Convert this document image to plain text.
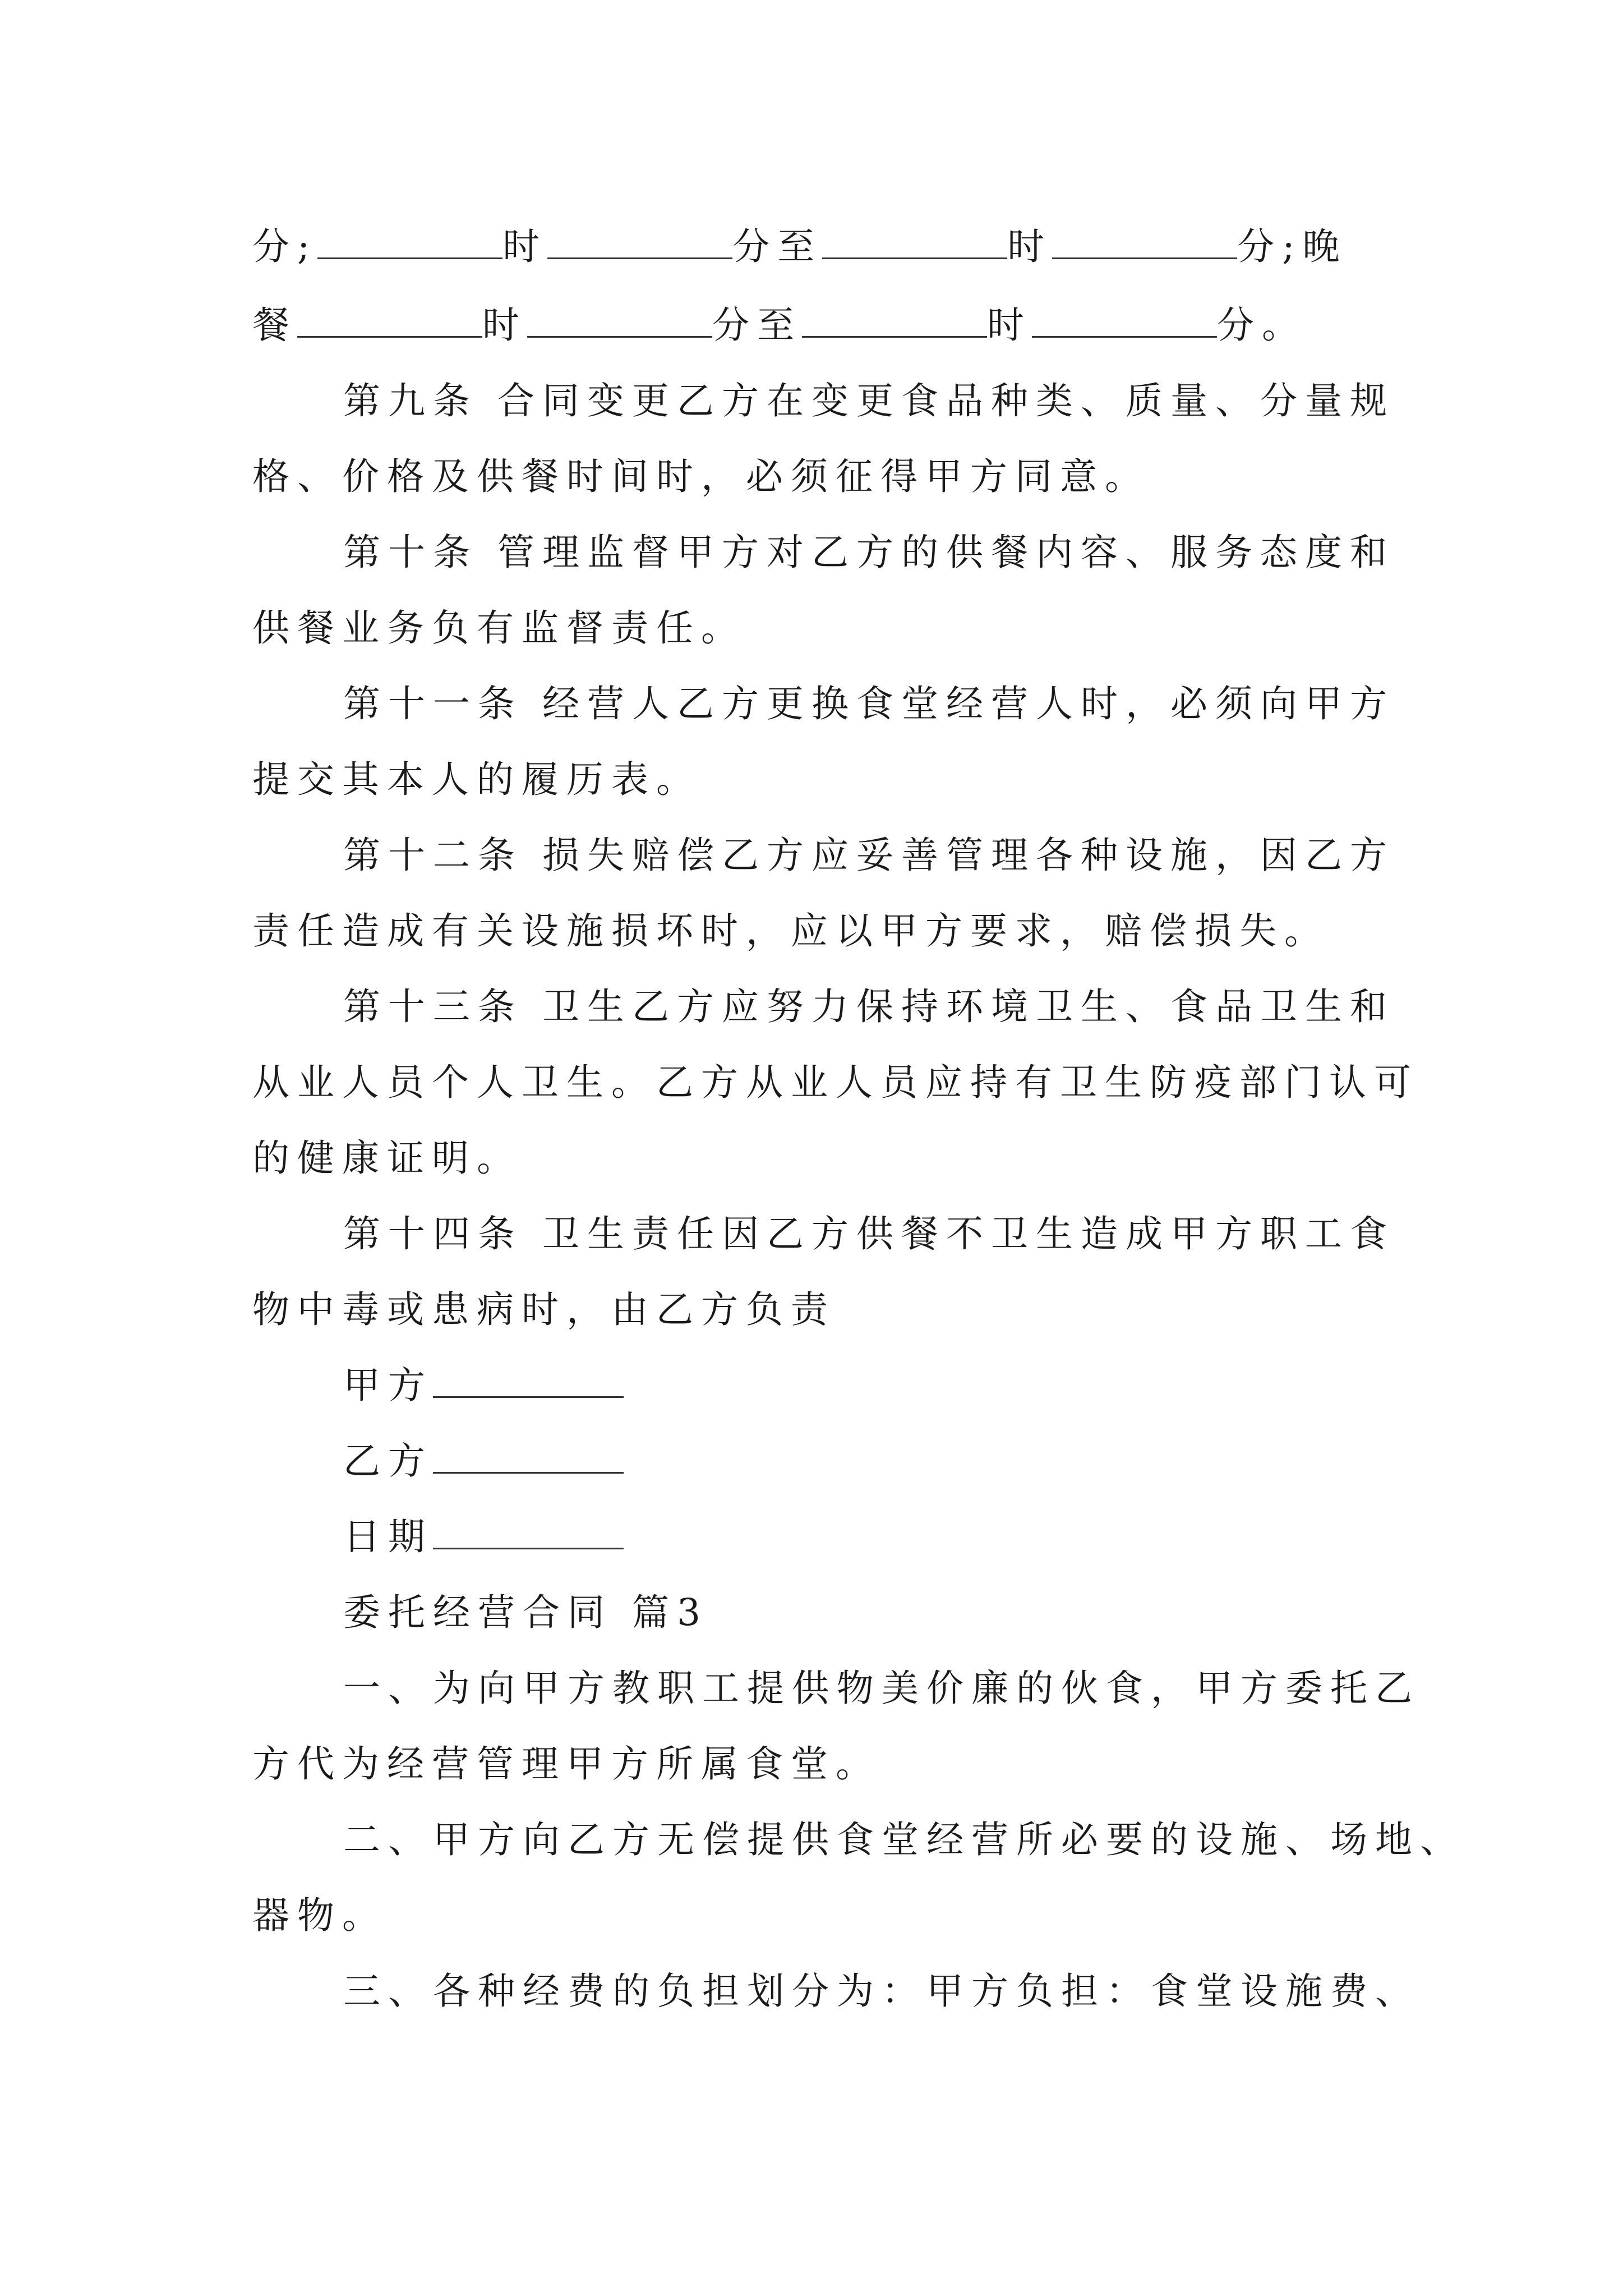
分;	时	分至	时	分;晚
餐	时	分至	时	分。
第九条 合同变更乙方在变更食品种类、质量、分量规
格、价格及供餐时间时，必须征得甲方同意。
第十条 管理监督甲方对乙方的供餐内容、服务态度和
供餐业务负有监督责任。
第十一条 经营人乙方更换食堂经营人时，必须向甲方
提交其本人的履历表。
第十二条 损失赔偿乙方应妥善管理各种设施，因乙方
责任造成有关设施损坏时，应以甲方要求，赔偿损失。
第十三条 卫生乙方应努力保持环境卫生、食品卫生和
从业人员个人卫生。乙方从业人员应持有卫生防疫部门认可
的健康证明。
第十四条 卫生责任因乙方供餐不卫生造成甲方职工食
物中毒或患病时，由乙方负责
甲方
乙方
日期
委托经营合同 篇3
一、为向甲方教职工提供物美价廉的伙食，甲方委托乙
方代为经营管理甲方所属食堂。
二、甲方向乙方无偿提供食堂经营所必要的设施、场地、
器物。
三、各种经费的负担划分为：甲方负担：食堂设施费、
